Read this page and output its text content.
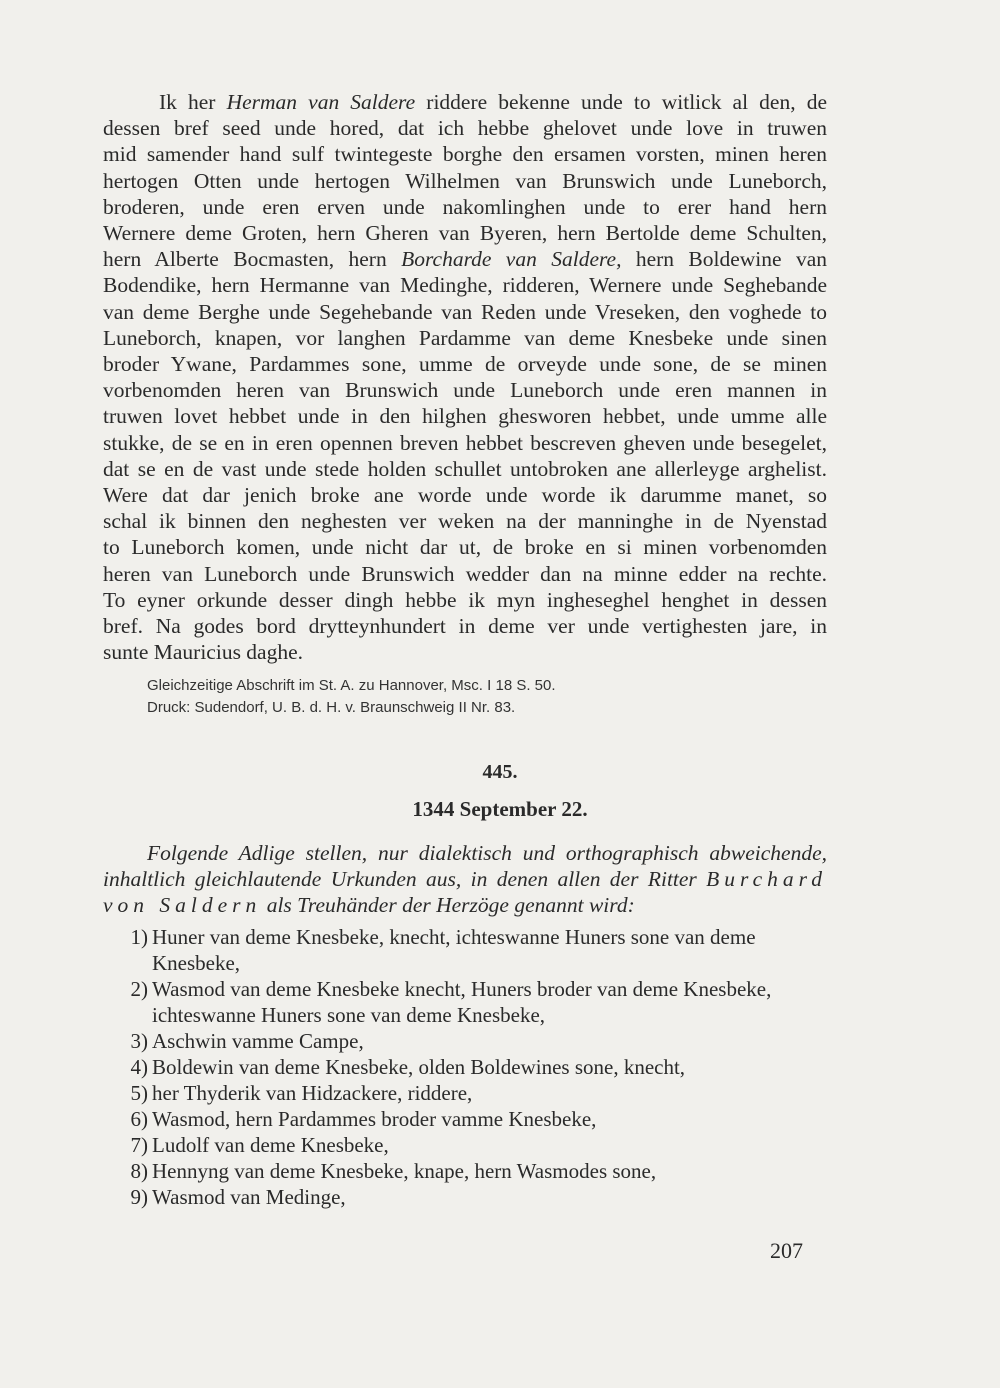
Ik her Herman van Saldere riddere bekenne unde to witlick al den, de
dessen bref seed unde hored, dat ich hebbe ghelovet unde love in truwen
mid samender hand sulf twintegeste borghe den ersamen vorsten, minen heren
hertogen Otten unde hertogen Wilhelmen van Brunswich unde Luneborch,
broderen, unde eren erven unde nakomlinghen unde to erer hand hern
Wernere deme Groten, hern Gheren van Byeren, hern Bertolde deme Schulten,
hern Alberte Bocmasten, hern Borcharde van Saldere, hern Boldewine van
Bodendike, hern Hermanne van Medinghe, ridderen, Wernere unde Seghebande
van deme Berghe unde Segehebande van Reden unde Vreseken, den voghede to
Luneborch, knapen, vor langhen Pardamme van deme Knesbeke unde sinen
broder Ywane, Pardammes sone, umme de orveyde unde sone, de se minen
vorbenomden heren van Brunswich unde Luneborch unde eren mannen in
truwen lovet hebbet unde in den hilghen ghesworen hebbet, unde umme alle
stukke, de se en in eren opennen breven hebbet bescreven gheven unde besegelet,
dat se en de vast unde stede holden schullet untobroken ane allerleyge arghelist.
Were dat dar jenich broke ane worde unde worde ik darumme manet, so
schal ik binnen den neghesten ver weken na der manninghe in de Nyenstad
to Luneborch komen, unde nicht dar ut, de broke en si minen vorbenomden
heren van Luneborch unde Brunswich wedder dan na minne edder na rechte.
To eyner orkunde desser dingh hebbe ik myn ingheseghel henghet in dessen
bref. Na godes bord drytteynhundert in deme ver unde vertighesten jare, in
sunte Mauricius daghe.
Gleichzeitige Abschrift im St. A. zu Hannover, Msc. I 18 S. 50.
Druck: Sudendorf, U. B. d. H. v. Braunschweig II Nr. 83.
445.
1344 September 22.
Folgende Adlige stellen, nur dialektisch und orthographisch abweichende,
inhaltlich gleichlautende Urkunden aus, in denen allen der Ritter Burchard
von Saldern als Treuhänder der Herzöge genannt wird:
1) Huner van deme Knesbeke, knecht, ichteswanne Huners sone van deme Knesbeke,
2) Wasmod van deme Knesbeke knecht, Huners broder van deme Knesbeke, ichteswanne Huners sone van deme Knesbeke,
3) Aschwin vamme Campe,
4) Boldewin van deme Knesbeke, olden Boldewines sone, knecht,
5) her Thyderik van Hidzackere, riddere,
6) Wasmod, hern Pardammes broder vamme Knesbeke,
7) Ludolf van deme Knesbeke,
8) Hennyng van deme Knesbeke, knape, hern Wasmodes sone,
9) Wasmod van Medinge,
207
